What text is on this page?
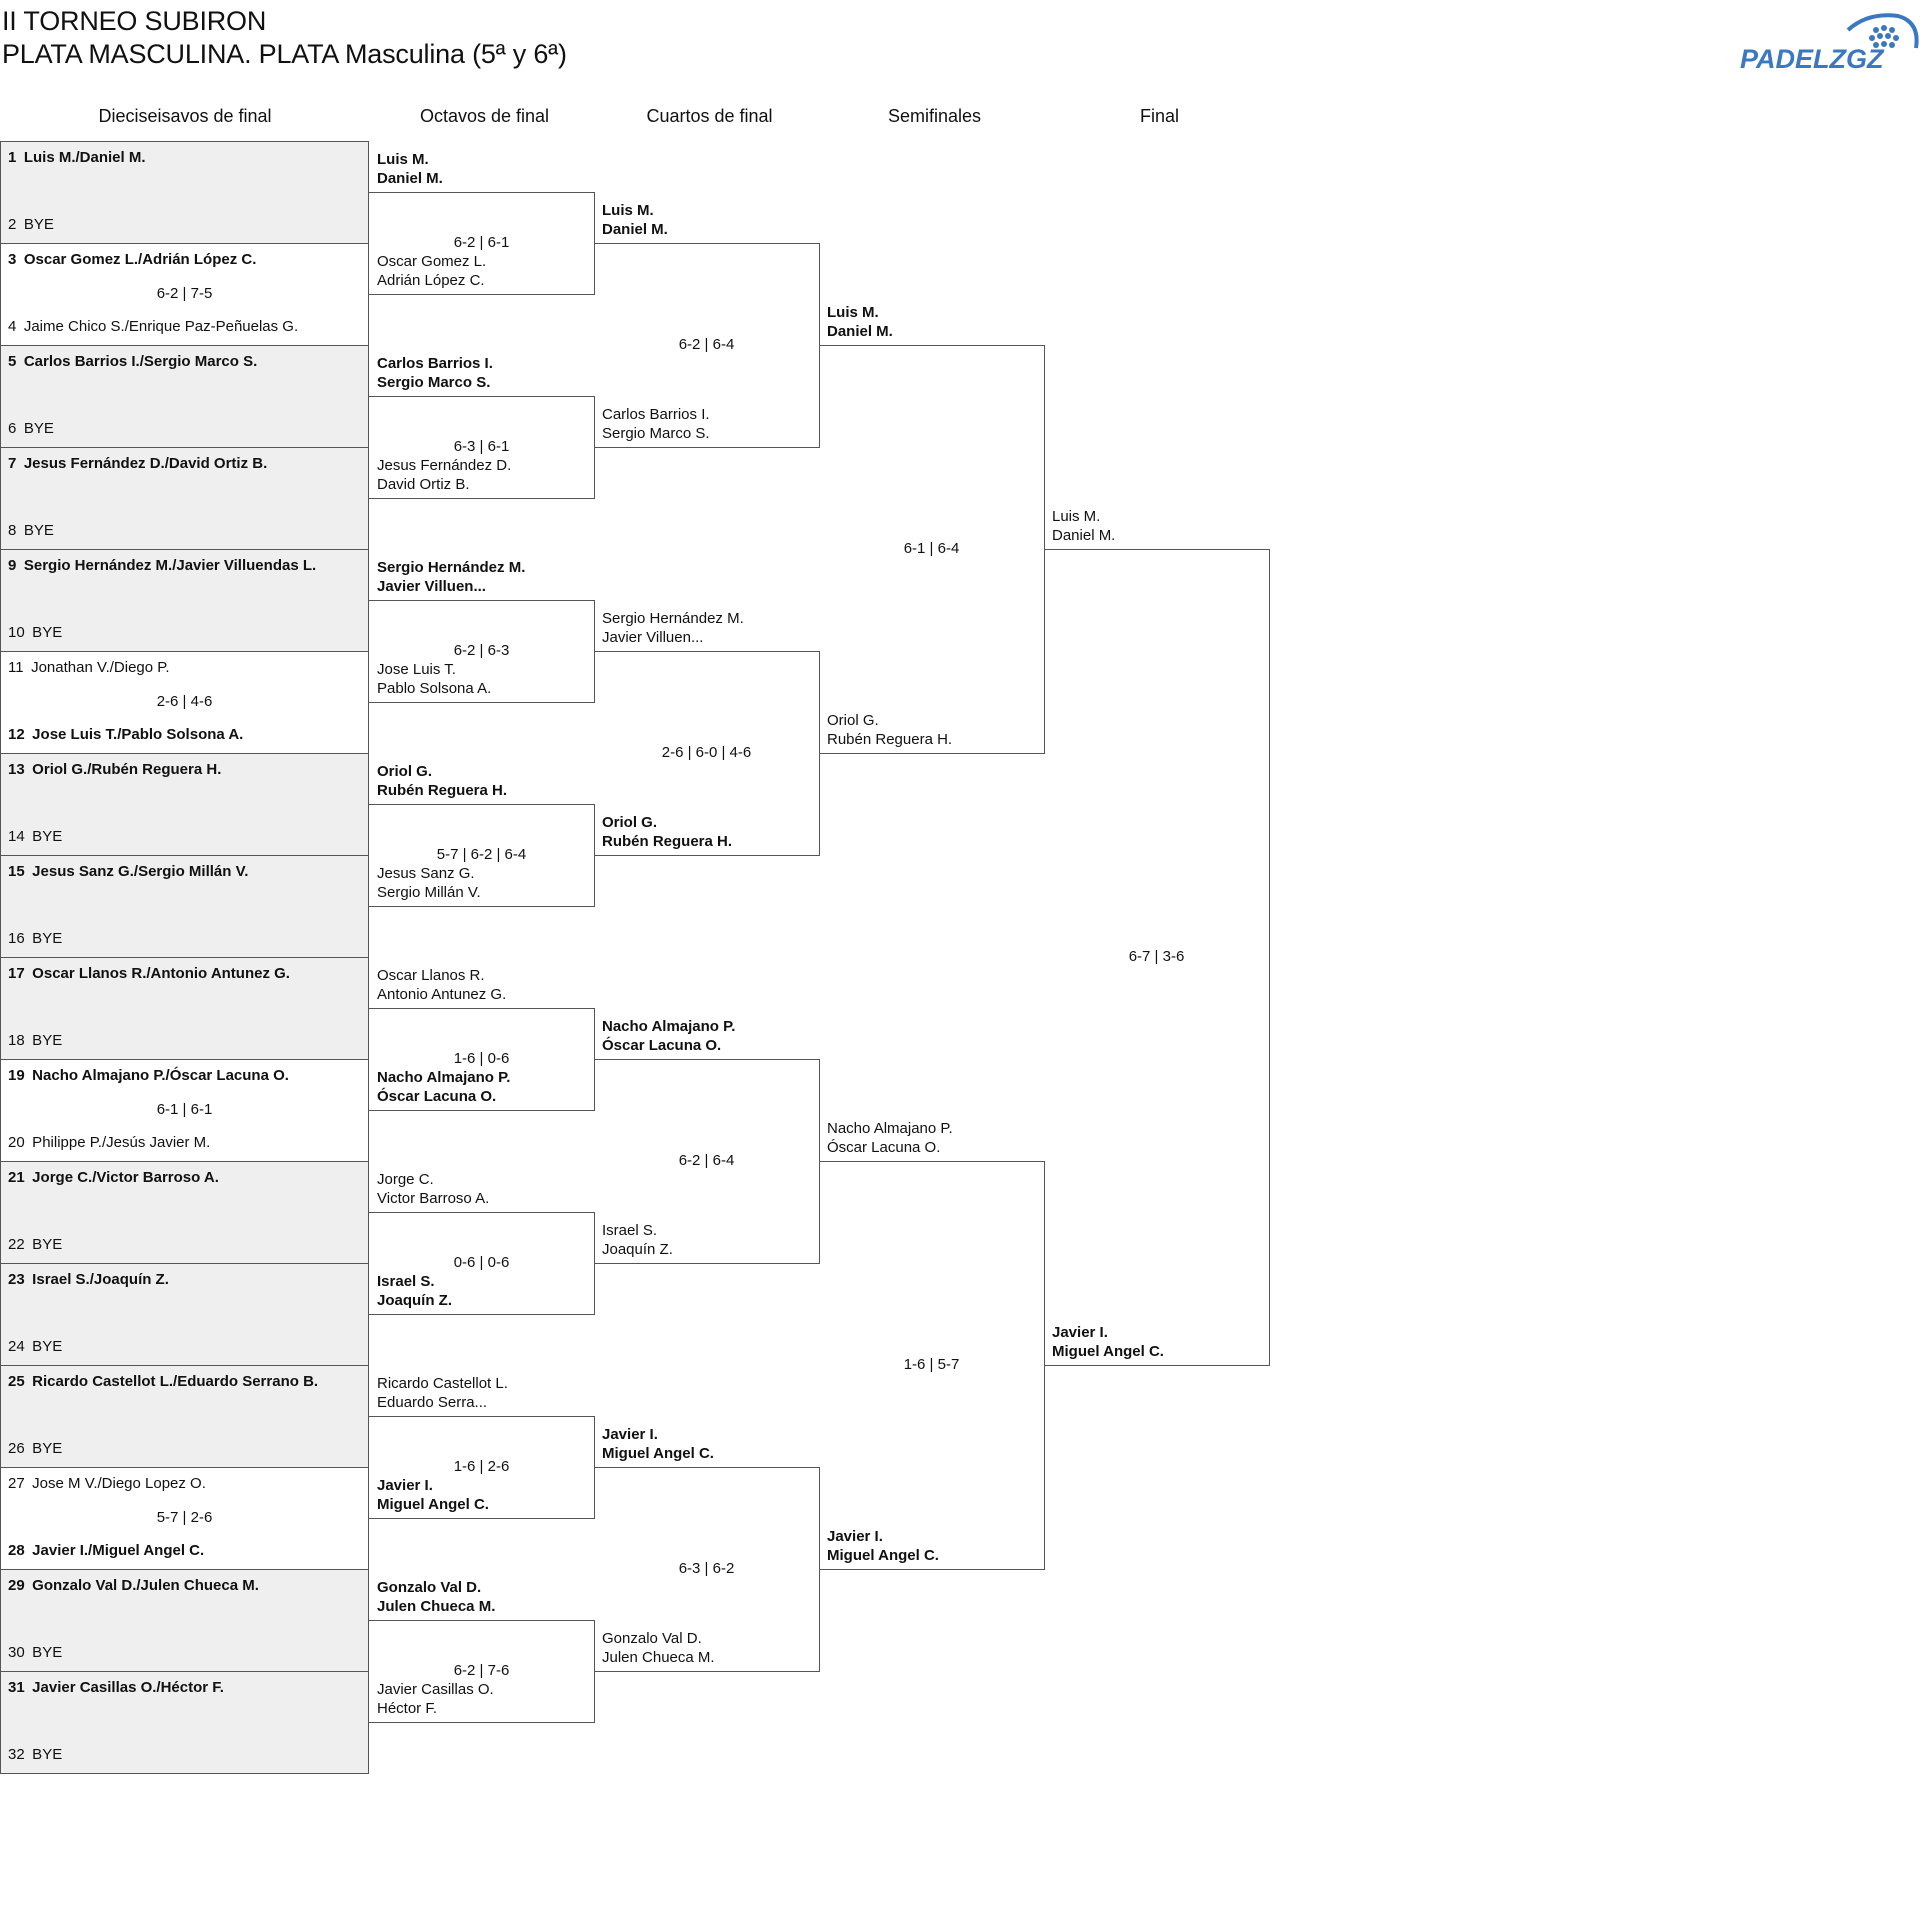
II TORNEO SUBIRON
PLATA MASCULINA. PLATA Masculina (5ª y 6ª)	PADELZGZ
Dieciseisavos de final	Octavos de final	Cuartos de final	Semifinales	Final
1 Luis M./Daniel M.
2 BYE
3 Oscar Gomez L./Adrián López C.
4 Jaime Chico S./Enrique Paz-Peñuelas G.
6-2 | 7-5
5 Carlos Barrios I./Sergio Marco S.
6 BYE
7 Jesus Fernández D./David Ortiz B.
8 BYE
9 Sergio Hernández M./Javier Villuendas L.
10 BYE
11 Jonathan V./Diego P.
12 Jose Luis T./Pablo Solsona A.
2-6 | 4-6
13 Oriol G./Rubén Reguera H.
14 BYE
15 Jesus Sanz G./Sergio Millán V.
16 BYE
17 Oscar Llanos R./Antonio Antunez G.
18 BYE
19 Nacho Almajano P./Óscar Lacuna O.
20 Philippe P./Jesús Javier M.
6-1 | 6-1
21 Jorge C./Victor Barroso A.
22 BYE
23 Israel S./Joaquín Z.
24 BYE
25 Ricardo Castellot L./Eduardo Serrano B.
26 BYE
27 Jose M V./Diego Lopez O.
28 Javier I./Miguel Angel C.
5-7 | 2-6
29 Gonzalo Val D./Julen Chueca M.
30 BYE
31 Javier Casillas O./Héctor F.
32 BYE
Luis M.
Daniel M.
Oscar Gomez L.
Adrián López C.
6-2 | 6-1
Carlos Barrios I.
Sergio Marco S.
Jesus Fernández D.
David Ortiz B.
6-3 | 6-1
Sergio Hernández M.
Javier Villuen...
Jose Luis T.
Pablo Solsona A.
6-2 | 6-3
Oriol G.
Rubén Reguera H.
Jesus Sanz G.
Sergio Millán V.
5-7 | 6-2 | 6-4
Oscar Llanos R.
Antonio Antunez G.
Nacho Almajano P.
Óscar Lacuna O.
1-6 | 0-6
Jorge C.
Victor Barroso A.
Israel S.
Joaquín Z.
0-6 | 0-6
Ricardo Castellot L.
Eduardo Serra...
Javier I.
Miguel Angel C.
1-6 | 2-6
Gonzalo Val D.
Julen Chueca M.
Javier Casillas O.
Héctor F.
6-2 | 7-6
Luis M.
Daniel M.
Carlos Barrios I.
Sergio Marco S.
6-2 | 6-4
Sergio Hernández M.
Javier Villuen...
Oriol G.
Rubén Reguera H.
2-6 | 6-0 | 4-6
Nacho Almajano P.
Óscar Lacuna O.
Israel S.
Joaquín Z.
6-2 | 6-4
Javier I.
Miguel Angel C.
Gonzalo Val D.
Julen Chueca M.
6-3 | 6-2
Luis M.
Daniel M.
Oriol G.
Rubén Reguera H.
6-1 | 6-4
Nacho Almajano P.
Óscar Lacuna O.
Javier I.
Miguel Angel C.
1-6 | 5-7
Luis M.
Daniel M.
Javier I.
Miguel Angel C.
6-7 | 3-6
